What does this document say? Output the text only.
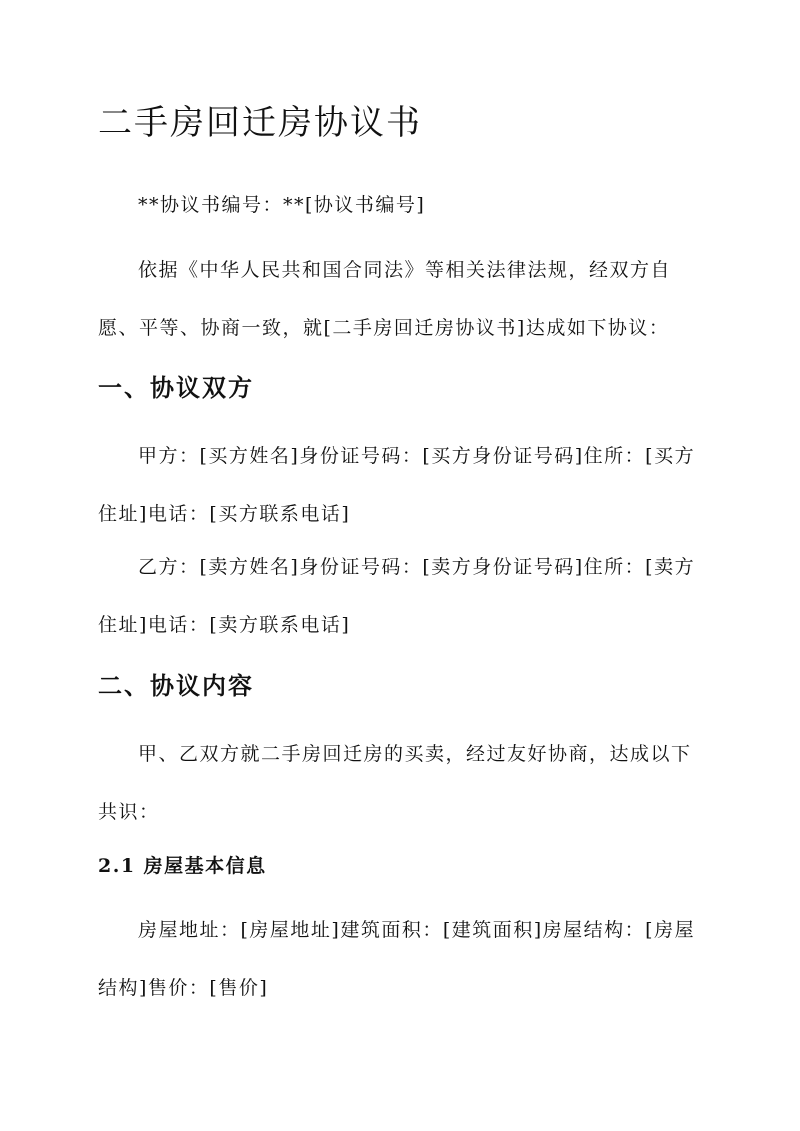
二手房回迁房协议书

**协议书编号：**[协议书编号]

依据《中华人民共和国合同法》等相关法律法规，经双方自愿、平等、协商一致，就[二手房回迁房协议书]达成如下协议：

一、协议双方

甲方：[买方姓名]身份证号码：[买方身份证号码]住所：[买方住址]电话：[买方联系电话]

乙方：[卖方姓名]身份证号码：[卖方身份证号码]住所：[卖方住址]电话：[卖方联系电话]

二、协议内容

甲、乙双方就二手房回迁房的买卖，经过友好协商，达成以下共识：

2.1 房屋基本信息

房屋地址：[房屋地址]建筑面积：[建筑面积]房屋结构：[房屋结构]售价：[售价]
